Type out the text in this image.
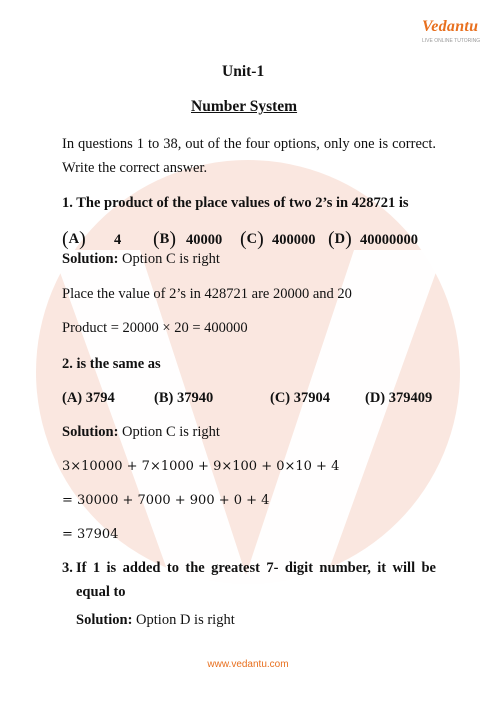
Vedantu
LIVE ONLINE TUTORING
Unit-1
Number System
In questions 1 to 38, out of the four options, only one is correct. Write the correct answer.
1. The product of the place values of two 2’s in 428721 is
(A) 4 (B) 40000 (C) 400000 (D) 40000000
Solution: Option C is right
Place the value of 2’s in 428721 are 20000 and 20
Product = 20000 × 20 = 400000
2. is the same as
(A) 3794	(B) 37940	(C) 37904 (D) 379409
Solution: Option C is right
3×10000 + 7×1000 + 9×100 + 0×10 + 4
= 30000 + 7000 + 900 + 0 + 4
= 37904
3. If 1 is added to the greatest 7- digit number, it will be equal to
Solution: Option D is right
www.vedantu.com
